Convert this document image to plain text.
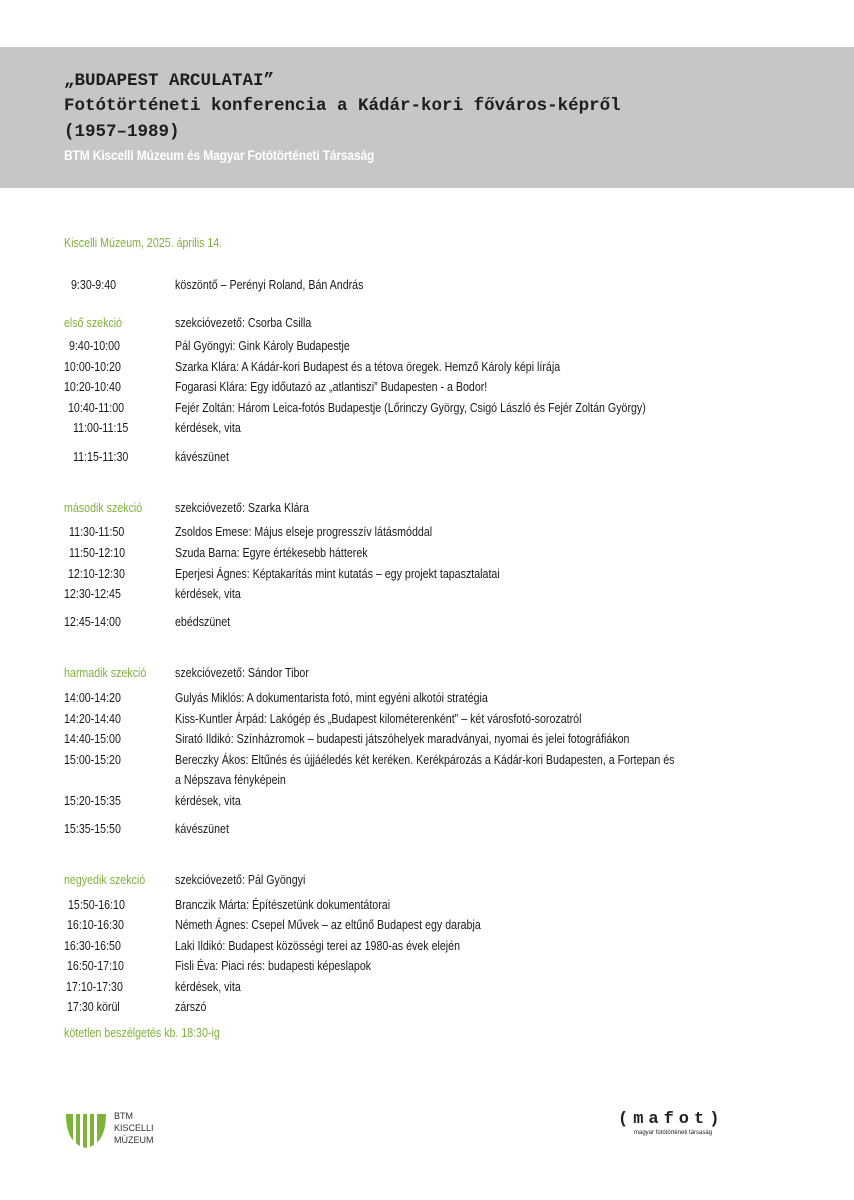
„BUDAPEST ARCULATAI”
Fotótörténeti konferencia a Kádár-kori főváros-képről
(1957–1989)
BTM Kiscelli Múzeum és Magyar Fotótörténeti Társaság
Kiscelli Múzeum, 2025. április 14.
9:30-9:40	köszöntő – Perényi Roland, Bán András
első szekció	szekcióvezető: Csorba Csilla
9:40-10:00	Pál Gyöngyi: Gink Károly Budapestje
10:00-10:20	Szarka Klára: A Kádár-kori Budapest és a tétova öregek. Hemző Károly képi lírája
10:20-10:40	Fogarasi Klára: Egy időutazó az „atlantiszi” Budapesten - a Bodor!
10:40-11:00	Fejér Zoltán: Három Leica-fotós Budapestje (Lőrinczy György, Csigó László és Fejér Zoltán György)
11:00-11:15	kérdések, vita
11:15-11:30	kávészünet
második szekció	szekcióvezető: Szarka Klára
11:30-11:50	Zsoldos Emese: Május elseje progresszív látásmóddal
11:50-12:10	Szuda Barna: Egyre értékesebb hátterek
12:10-12:30	Eperjesi Ágnes: Képtakarítás mint kutatás – egy projekt tapasztalatai
12:30-12:45	kérdések, vita
12:45-14:00	ebédszünet
harmadik szekció szekcióvezető: Sándor Tibor
14:00-14:20	Gulyás Miklós: A dokumentarista fotó, mint egyéni alkotói stratégia
14:20-14:40	Kiss-Kuntler Árpád: Lakógép és „Budapest kilométerenként” – két városfotó-sorozatról
14:40-15:00	Sirató Ildikó: Színházromok – budapesti játszóhelyek maradványai, nyomai és jelei fotográfiákon
15:00-15:20	Bereczky Ákos: Eltűnés és újjáéledés két keréken. Kerékpározás a Kádár-kori Budapesten, a Fortepan és
a Népszava fényképein
15:20-15:35	kérdések, vita
15:35-15:50	kávészünet
negyedik szekció szekcióvezető: Pál Gyöngyi
15:50-16:10	Branczik Márta: Építészetünk dokumentátorai
16:10-16:30	Németh Ágnes: Csepel Művek – az eltűnő Budapest egy darabja
16:30-16:50	Laki Ildikó: Budapest közösségi terei az 1980-as évek elején
16:50-17:10	Fisli Éva: Piaci rés: budapesti képeslapok
17:10-17:30	kérdések, vita
17:30 körül	zárszó
kötetlen beszélgetés kb. 18:30-ig
BTM
KISCELLI
MÚZEUM
(mafot)
magyar fotótörténeti társaság
